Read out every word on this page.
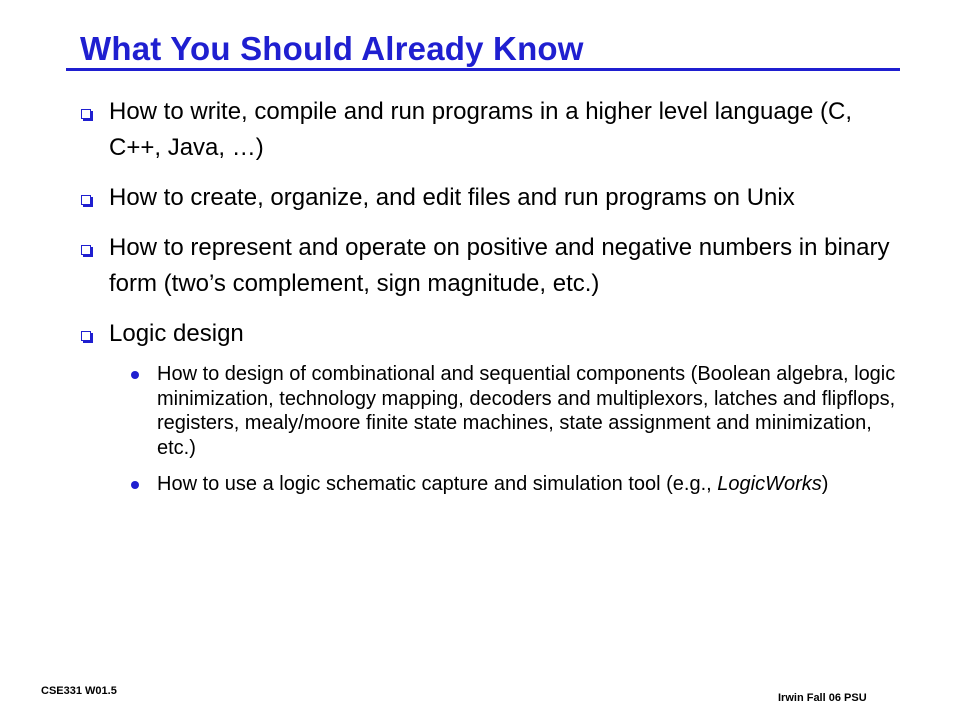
What You Should Already Know
How to write, compile and run programs in a higher level language (C, C++, Java, …)
How to create, organize, and edit files and run programs on Unix
How to represent and operate on positive and negative numbers in binary form (two’s complement, sign magnitude, etc.)
Logic design
How to design of combinational and sequential components (Boolean algebra, logic minimization, technology mapping, decoders and multiplexors, latches and flipflops, registers, mealy/moore finite state machines, state assignment and minimization, etc.)
How to use a logic schematic capture and simulation tool (e.g., LogicWorks)
CSE331 W01.5
Irwin Fall 06 PSU
